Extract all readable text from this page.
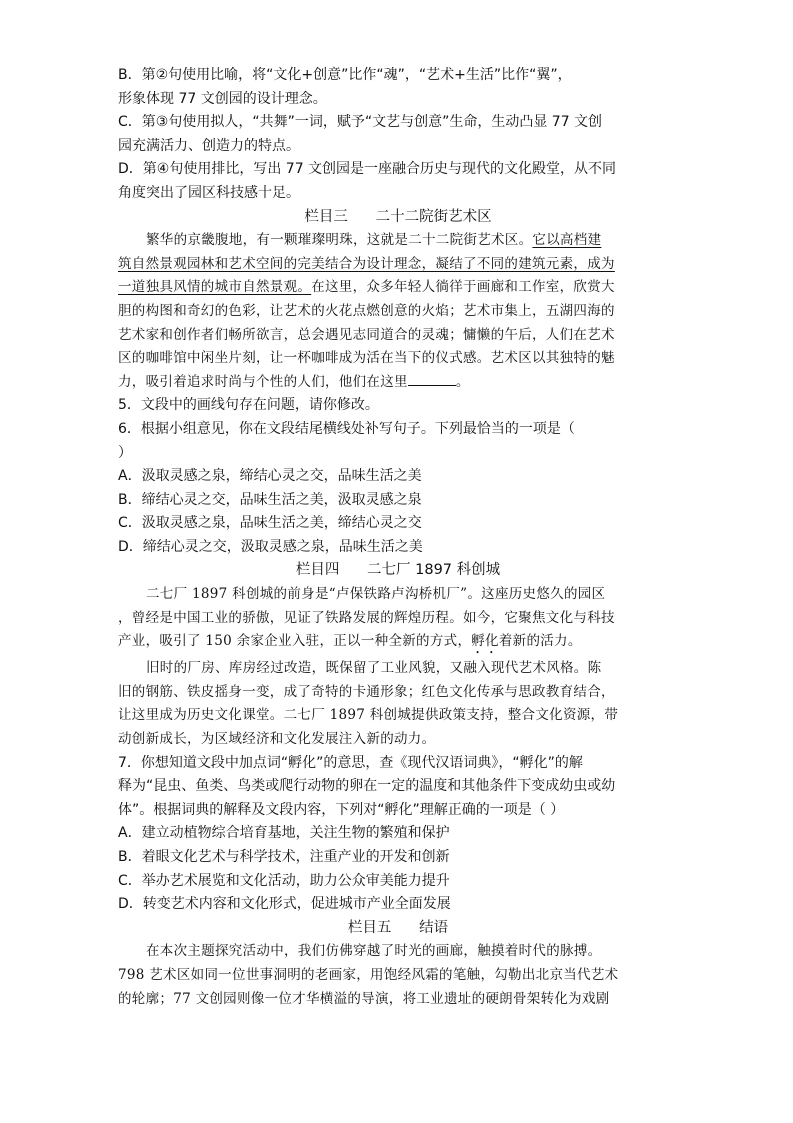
B．第②句使用比喻，将“文化+创意”比作“魂”，“艺术+生活”比作“翼”，
形象体现 77 文创园的设计理念。
C．第③句使用拟人，“共舞”一词，赋予“文艺与创意”生命，生动凸显 77 文创
园充满活力、创造力的特点。
D．第④句使用排比，写出 77 文创园是一座融合历史与现代的文化殿堂，从不同
角度突出了园区科技感十足。
栏目三      二十二院街艺术区
繁华的京畿腹地，有一颗璀璨明珠，这就是二十二院街艺术区。它以高档建
筑自然景观园林和艺术空间的完美结合为设计理念，凝结了不同的建筑元素，成为
一道独具风情的城市自然景观。在这里，众多年轻人徜徉于画廊和工作室，欣赏大
胆的构图和奇幻的色彩，让艺术的火花点燃创意的火焰；艺术市集上，五湖四海的
艺术家和创作者们畅所欲言，总会遇见志同道合的灵魂；慵懒的午后，人们在艺术
区的咖啡馆中闲坐片刻，让一杯咖啡成为活在当下的仪式感。艺术区以其独特的魅
力，吸引着追求时尚与个性的人们，他们在这里	。
5．文段中的画线句存在问题，请你修改。
6．根据小组意见，你在文段结尾横线处补写句子。下列最恰当的一项是（
）
A．汲取灵感之泉，缔结心灵之交，品味生活之美
B．缔结心灵之交，品味生活之美，汲取灵感之泉
C．汲取灵感之泉，品味生活之美，缔结心灵之交
D．缔结心灵之交，汲取灵感之泉，品味生活之美
栏目四      二七厂 1897 科创城
二七厂 1897 科创城的前身是“卢保铁路卢沟桥机厂”。这座历史悠久的园区
，曾经是中国工业的骄傲，见证了铁路发展的辉煌历程。如今，它聚焦文化与科技
产业，吸引了 150 余家企业入驻，正以一种全新的方式，孵化着新的活力。
旧时的厂房、库房经过改造，既保留了工业风貌，又融入现代艺术风格。陈
旧的钢筋、铁皮摇身一变，成了奇特的卡通形象；红色文化传承与思政教育结合，
让这里成为历史文化课堂。二七厂 1897 科创城提供政策支持，整合文化资源，带
动创新成长，为区域经济和文化发展注入新的动力。
7．你想知道文段中加点词“孵化”的意思，查《现代汉语词典》，“孵化”的解
释为“昆虫、鱼类、鸟类或爬行动物的卵在一定的温度和其他条件下变成幼虫或幼
体”。根据词典的解释及文段内容，下列对“孵化”理解正确的一项是（ ）
A．建立动植物综合培育基地，关注生物的繁殖和保护
B．着眼文化艺术与科学技术，注重产业的开发和创新
C．举办艺术展览和文化活动，助力公众审美能力提升
D．转变艺术内容和文化形式，促进城市产业全面发展
栏目五      结语
在本次主题探究活动中，我们仿佛穿越了时光的画廊，触摸着时代的脉搏。
798 艺术区如同一位世事洞明的老画家，用饱经风霜的笔触，勾勒出北京当代艺术
的轮廓；77 文创园则像一位才华横溢的导演，将工业遗址的硬朗骨架转化为戏剧
